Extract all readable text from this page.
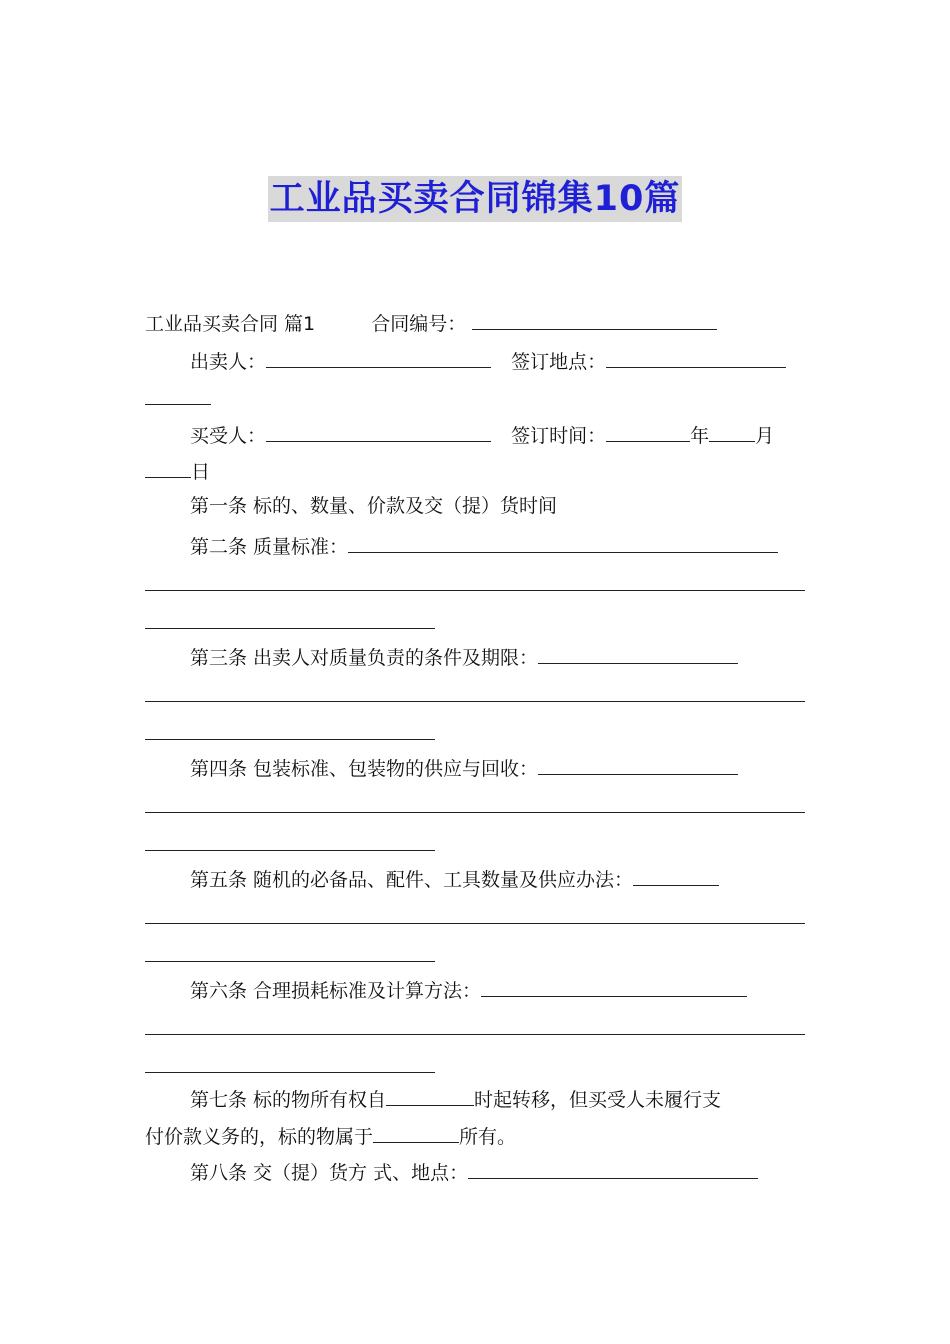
工业品买卖合同锦集10篇
工业品买卖合同 篇1	合同编号：
出卖人：	签订地点：
买受人：	签订时间：	年 月
日
第一条 标的、数量、价款及交（提）货时间
第二条 质量标准：
第三条 出卖人对质量负责的条件及期限：
第四条 包装标准、包装物的供应与回收：
第五条 随机的必备品、配件、工具数量及供应办法：
第六条 合理损耗标准及计算方法：
第七条 标的物所有权自	时起转移，但买受人未履行支
付价款义务的，标的物属于	所有。
第八条 交（提）货方 式、地点：
